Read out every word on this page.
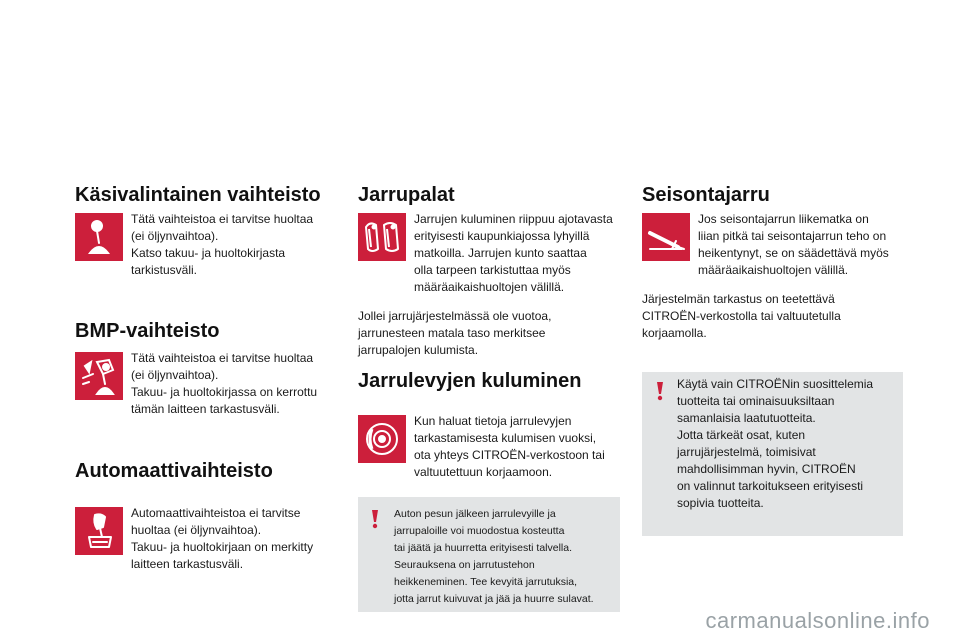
Käsivalintainen vaihteisto
Tätä vaihteistoa ei tarvitse huoltaa
(ei öljynvaihtoa).
Katso takuu- ja huoltokirjasta
tarkistusväli.
BMP-vaihteisto
Tätä vaihteistoa ei tarvitse huoltaa
(ei öljynvaihtoa).
Takuu- ja huoltokirjassa on kerrottu
tämän laitteen tarkastusväli.
Automaattivaihteisto
Automaattivaihteistoa ei tarvitse
huoltaa (ei öljynvaihtoa).
Takuu- ja huoltokirjaan on merkitty
laitteen tarkastusväli.
Jarrupalat
Jarrujen kuluminen riippuu ajotavasta
erityisesti kaupunkiajossa lyhyillä
matkoilla. Jarrujen kunto saattaa
olla tarpeen tarkistuttaa myös
määräaikaishuoltojen välillä.
Jollei jarrujärjestelmässä ole vuotoa,
jarrunesteen matala taso merkitsee
jarrupalojen kulumista.
Jarrulevyjen kuluminen
Kun haluat tietoja jarrulevyjen
tarkastamisesta kulumisen vuoksi,
ota yhteys CITROËN-verkostoon tai
valtuutettuun korjaamoon.
Auton pesun jälkeen jarrulevyille ja
jarrupaloille voi muodostua kosteutta
tai jäätä ja huurretta erityisesti talvella.
Seurauksena on jarrutustehon
heikkeneminen. Tee kevyitä jarrutuksia,
jotta jarrut kuivuvat ja jää ja huurre sulavat.
Seisontajarru
Jos seisontajarrun liikematka on
liian pitkä tai seisontajarrun teho on
heikentynyt, se on säädettävä myös
määräaikaishuoltojen välillä.
Järjestelmän tarkastus on teetettävä
CITROËN-verkostolla tai valtuutetulla
korjaamolla.
Käytä vain CITROËNin suosittelemia
tuotteita tai ominaisuuksiltaan
samanlaisia laatutuotteita.
Jotta tärkeät osat, kuten
jarrujärjestelmä, toimisivat
mahdollisimman hyvin, CITROËN
on valinnut tarkoitukseen erityisesti
sopivia tuotteita.
carmanualsonline.info
